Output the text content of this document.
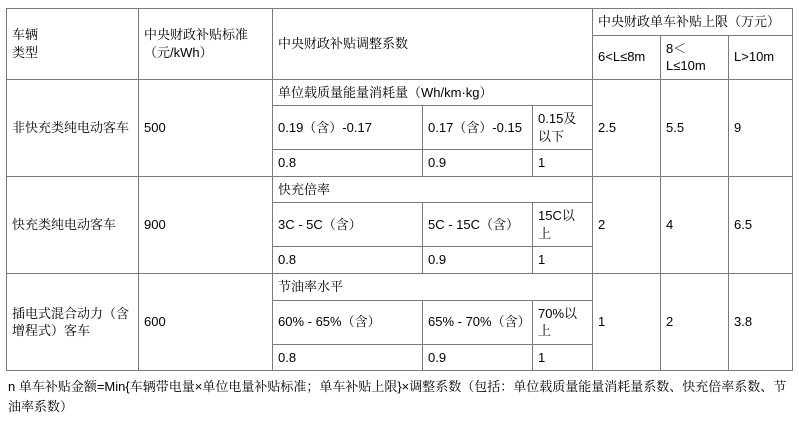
车辆
类型	中央财政补贴标准
（元/kWh）	中央财政补贴调整系数			中央财政单车补贴上限（万元）		
					6<L≤8m	8＜L≤10m	L>10m
非快充类纯电动客车	500	单位载质量能量消耗量（Wh/km·kg）			2.5	5.5	9
		0.19（含）-0.17	0.17（含）-0.15	0.15及以下			
		0.8	0.9	1			
快充类纯电动客车	900	快充倍率			2	4	6.5
		3C - 5C（含）	5C - 15C（含）	15C以上			
		0.8	0.9	1			
插电式混合动力（含增程式）客车	600	节油率水平			1	2	3.8
		60% - 65%（含）	65% - 70%（含）	70%以上			
		0.8	0.9	1			
n 单车补贴金额=Min{车辆带电量×单位电量补贴标准；单车补贴上限}×调整系数（包括：单位载质量能量消耗量系数、快充倍率系数、节油率系数）
